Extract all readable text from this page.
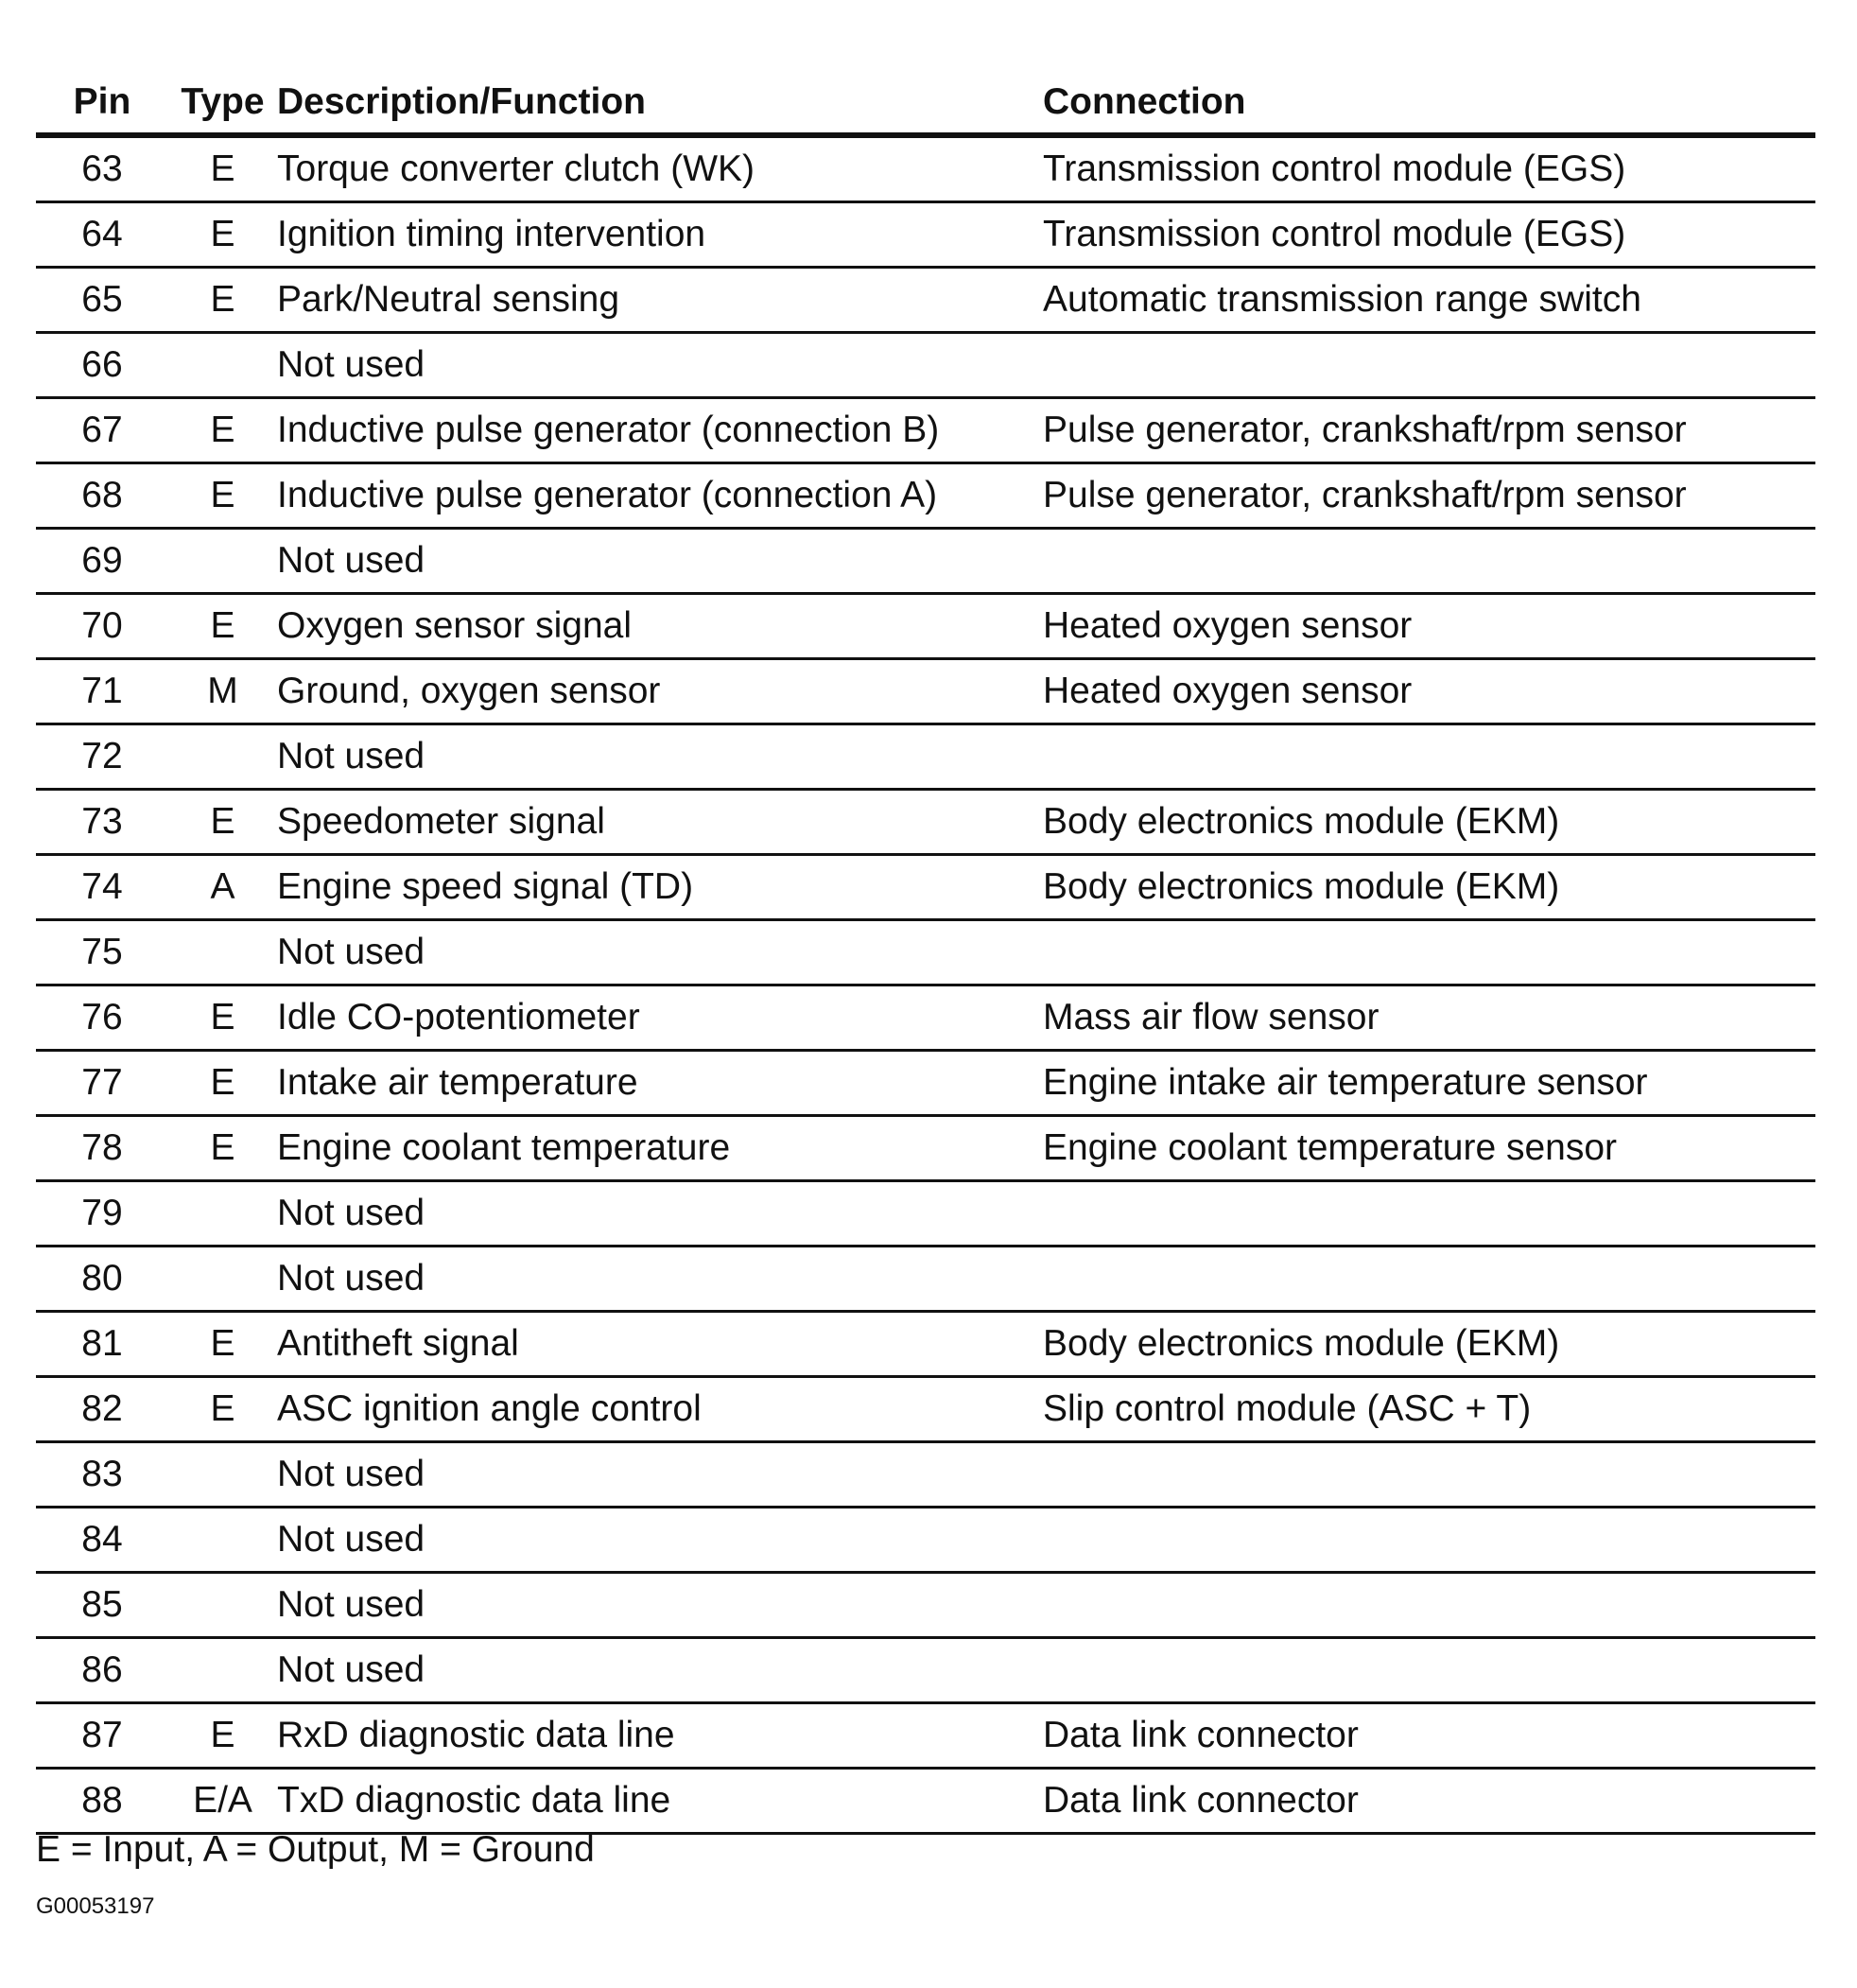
Pin	Type	Description/Function	Connection
63	E	Torque converter clutch (WK)	Transmission control module (EGS)
64	E	Ignition timing intervention	Transmission control module (EGS)
65	E	Park/Neutral sensing	Automatic transmission range switch
66		Not used	
67	E	Inductive pulse generator (connection B)	Pulse generator, crankshaft/rpm sensor
68	E	Inductive pulse generator (connection A)	Pulse generator, crankshaft/rpm sensor
69		Not used	
70	E	Oxygen sensor signal	Heated oxygen sensor
71	M	Ground, oxygen sensor	Heated oxygen sensor
72		Not used	
73	E	Speedometer signal	Body electronics module (EKM)
74	A	Engine speed signal (TD)	Body electronics module (EKM)
75		Not used	
76	E	Idle CO-potentiometer	Mass air flow sensor
77	E	Intake air temperature	Engine intake air temperature sensor
78	E	Engine coolant temperature	Engine coolant temperature sensor
79		Not used	
80		Not used	
81	E	Antitheft signal	Body electronics module (EKM)
82	E	ASC ignition angle control	Slip control module (ASC + T)
83		Not used	
84		Not used	
85		Not used	
86		Not used	
87	E	RxD diagnostic data line	Data link connector
88	E/A	TxD diagnostic data line	Data link connector
E = Input, A = Output, M = Ground
G00053197
